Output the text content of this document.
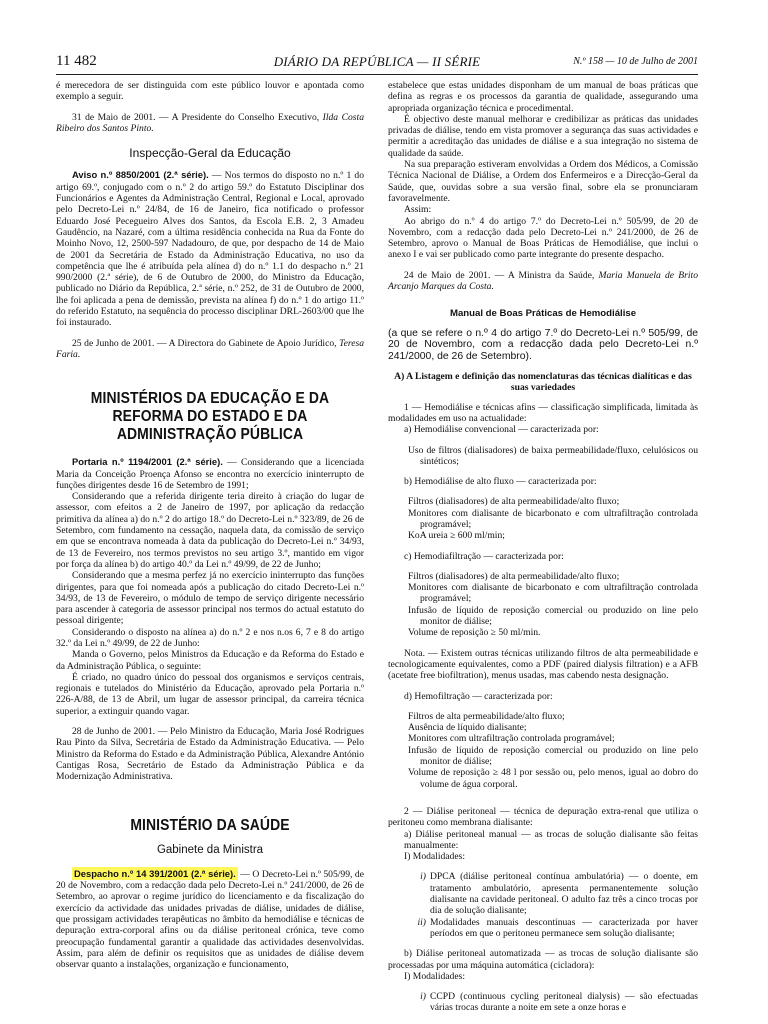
11 482	DIÁRIO DA REPÚBLICA — II SÉRIE	N.º 158 — 10 de Julho de 2001

é merecedora de ser distinguida com este público louvor e apontada como exemplo a seguir.

31 de Maio de 2001. — A Presidente do Conselho Executivo, Ilda Costa Ribeiro dos Santos Pinto.

Inspecção-Geral da Educação

Aviso n.º 8850/2001 (2.ª série). — Nos termos do disposto no n.º 1 do artigo 69.º, conjugado com o n.º 2 do artigo 59.º do Estatuto Disciplinar dos Funcionários e Agentes da Administração Central, Regional e Local, aprovado pelo Decreto-Lei n.º 24/84, de 16 de Janeiro, fica notificado o professor Eduardo José Pecegueiro Alves dos Santos, da Escola E.B. 2, 3 Amadeu Gaudêncio, na Nazaré, com a última residência conhecida na Rua da Fonte do Moinho Novo, 12, 2500-597 Nadadouro, de que, por despacho de 14 de Maio de 2001 da Secretária de Estado da Administração Educativa, no uso da competência que lhe é atribuída pela alínea d) do n.º 1.1 do despacho n.º 21 990/2000 (2.ª série), de 6 de Outubro de 2000, do Ministro da Educação, publicado no Diário da República, 2.ª série, n.º 252, de 31 de Outubro de 2000, lhe foi aplicada a pena de demissão, prevista na alínea f) do n.º 1 do artigo 11.º do referido Estatuto, na sequência do processo disciplinar DRL-2603/00 que lhe foi instaurado.

25 de Junho de 2001. — A Directora do Gabinete de Apoio Jurídico, Teresa Faria.

MINISTÉRIOS DA EDUCAÇÃO E DA REFORMA DO ESTADO E DA ADMINISTRAÇÃO PÚBLICA

Portaria n.º 1194/2001 (2.ª série). — Considerando que a licenciada Maria da Conceição Proença Afonso se encontra no exercício ininterrupto de funções dirigentes desde 16 de Setembro de 1991;

Considerando que a referida dirigente teria direito à criação do lugar de assessor, com efeitos a 2 de Janeiro de 1997, por aplicação da redacção primitiva da alínea a) do n.º 2 do artigo 18.º do Decreto-Lei n.º 323/89, de 26 de Setembro, com fundamento na cessação, naquela data, da comissão de serviço em que se encontrava nomeada à data da publicação do Decreto-Lei n.º 34/93, de 13 de Fevereiro, nos termos previstos no seu artigo 3.º, mantido em vigor por força da alínea b) do artigo 40.º da Lei n.º 49/99, de 22 de Junho;

Considerando que a mesma perfez já no exercício ininterrupto das funções dirigentes, para que foi nomeada após a publicação do citado Decreto-Lei n.º 34/93, de 13 de Fevereiro, o módulo de tempo de serviço dirigente necessário para ascender à categoria de assessor principal nos termos do actual estatuto do pessoal dirigente;

Considerando o disposto na alínea a) do n.º 2 e nos n.os 6, 7 e 8 do artigo 32.º da Lei n.º 49/99, de 22 de Junho:

Manda o Governo, pelos Ministros da Educação e da Reforma do Estado e da Administração Pública, o seguinte:

É criado, no quadro único do pessoal dos organismos e serviços centrais, regionais e tutelados do Ministério da Educação, aprovado pela Portaria n.º 226-A/88, de 13 de Abril, um lugar de assessor principal, da carreira técnica superior, a extinguir quando vagar.

28 de Junho de 2001. — Pelo Ministro da Educação, Maria José Rodrigues Rau Pinto da Silva, Secretária de Estado da Administração Educativa. — Pelo Ministro da Reforma do Estado e da Administração Pública, Alexandre António Cantigas Rosa, Secretário de Estado da Administração Pública e da Modernização Administrativa.

MINISTÉRIO DA SAÚDE

Gabinete da Ministra

Despacho n.º 14 391/2001 (2.ª série). — O Decreto-Lei n.º 505/99, de 20 de Novembro, com a redacção dada pelo Decreto-Lei n.º 241/2000, de 26 de Setembro, ao aprovar o regime jurídico do licenciamento e da fiscalização do exercício da actividade das unidades privadas de diálise, unidades de diálise, que prossigam actividades terapêuticas no âmbito da hemodiálise e técnicas de depuração extra-corporal afins ou da diálise peritoneal crónica, teve como preocupação fundamental garantir a qualidade das actividades desenvolvidas. Assim, para além de definir os requisitos que as unidades de diálise devem observar quanto a instalações, organização e funcionamento,

estabelece que estas unidades disponham de um manual de boas práticas que defina as regras e os processos da garantia de qualidade, assegurando uma apropriada organização técnica e procedimental.

É objectivo deste manual melhorar e credibilizar as práticas das unidades privadas de diálise, tendo em vista promover a segurança das suas actividades e permitir a acreditação das unidades de diálise e a sua integração no sistema de qualidade da saúde.

Na sua preparação estiveram envolvidas a Ordem dos Médicos, a Comissão Técnica Nacional de Diálise, a Ordem dos Enfermeiros e a Direcção-Geral da Saúde, que, ouvidas sobre a sua versão final, sobre ela se pronunciaram favoravelmente.

Assim:

Ao abrigo do n.º 4 do artigo 7.º do Decreto-Lei n.º 505/99, de 20 de Novembro, com a redacção dada pelo Decreto-Lei n.º 241/2000, de 26 de Setembro, aprovo o Manual de Boas Práticas de Hemodiálise, que inclui o anexo I e vai ser publicado como parte integrante do presente despacho.

24 de Maio de 2001. — A Ministra da Saúde, Maria Manuela de Brito Arcanjo Marques da Costa.

Manual de Boas Práticas de Hemodiálise

(a que se refere o n.º 4 do artigo 7.º do Decreto-Lei n.º 505/99, de 20 de Novembro, com a redacção dada pelo Decreto-Lei n.º 241/2000, de 26 de Setembro).

A) A Listagem e definição das nomenclaturas das técnicas dialíticas e das suas variedades

1 — Hemodiálise e técnicas afins — classificação simplificada, limitada às modalidades em uso na actualidade:

a) Hemodiálise convencional — caracterizada por:

Uso de filtros (dialisadores) de baixa permeabilidade/fluxo, celulósicos ou sintéticos;

b) Hemodiálise de alto fluxo — caracterizada por:

Filtros (dialisadores) de alta permeabilidade/alto fluxo;

Monitores com dialisante de bicarbonato e com ultrafiltração controlada programável;

KoA ureia ≥ 600 ml/min;

c) Hemodiafiltração — caracterizada por:

Filtros (dialisadores) de alta permeabilidade/alto fluxo;

Monitores com dialisante de bicarbonato e com ultrafiltração controlada programável;

Infusão de líquido de reposição comercial ou produzido on line pelo monitor de diálise;

Volume de reposição ≥ 50 ml/min.

Nota. — Existem outras técnicas utilizando filtros de alta permeabilidade e tecnologicamente equivalentes, como a PDF (paired dialysis filtration) e a AFB (acetate free biofiltration), menus usadas, mas cabendo nesta designação.

d) Hemofiltração — caracterizada por:

Filtros de alta permeabilidade/alto fluxo;

Ausência de líquido dialisante;

Monitores com ultrafiltração controlada programável;

Infusão de líquido de reposição comercial ou produzido on line pelo monitor de diálise;

Volume de reposição ≥ 48 l por sessão ou, pelo menos, igual ao dobro do volume de água corporal.

2 — Diálise peritoneal — técnica de depuração extra-renal que utiliza o peritoneu como membrana dialisante:

a) Diálise peritoneal manual — as trocas de solução dialisante são feitas manualmente:

I) Modalidades:

i) DPCA (diálise peritoneal contínua ambulatória) — o doente, em tratamento ambulatório, apresenta permanentemente solução dialisante na cavidade peritoneal. O adulto faz três a cinco trocas por dia de solução dialisante;
ii) Modalidades manuais descontínuas — caracterizada por haver períodos em que o peritoneu permanece sem solução dialisante;

b) Diálise peritoneal automatizada — as trocas de solução dialisante são processadas por uma máquina automática (cicladora):

I) Modalidades:

i) CCPD (continuous cycling peritoneal dialysis) — são efectuadas várias trocas durante a noite em sete a onze horas e
